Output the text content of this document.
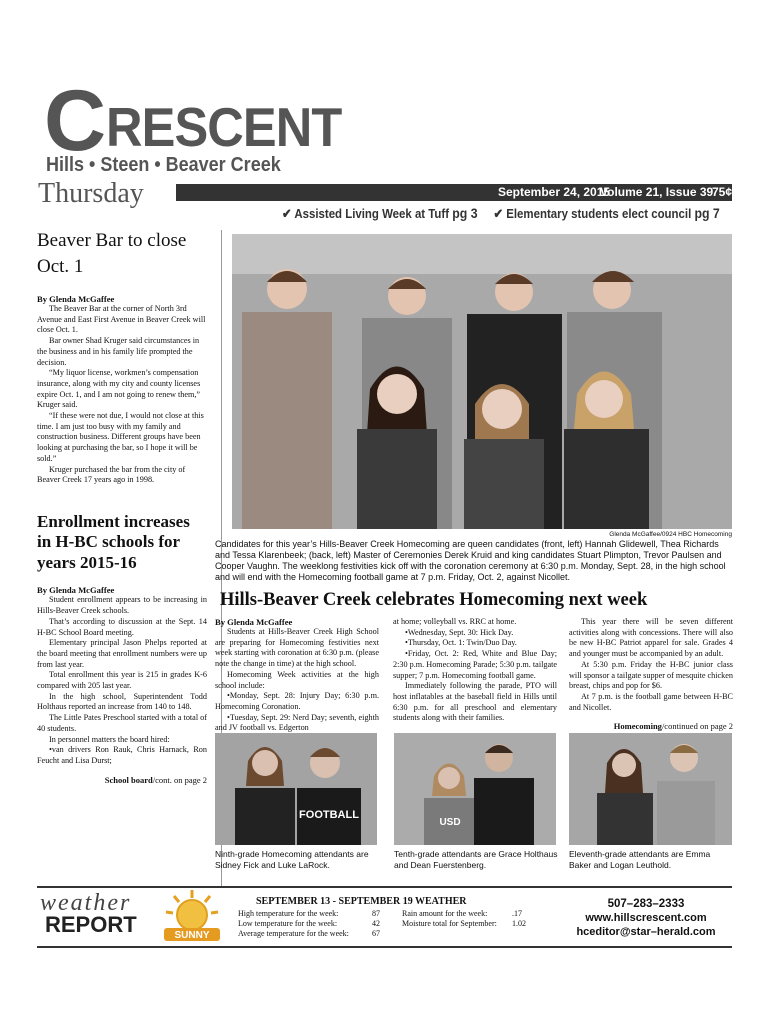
C RESCENT
Hills • Steen • Beaver Creek
Thursday	September 24, 2015
Volume 21, Issue 39
75¢
✔ Assisted Living Week at Tuff pg 3 ✔ Elementary students elect council pg 7
Beaver Bar to close Oct. 1
By Glenda McGaffee

The Beaver Bar at the corner of North 3rd Avenue and East First Avenue in Beaver Creek will close Oct. 1.

Bar owner Shad Kruger said circumstances in the business and in his family life prompted the decision.

“My liquor license, workmen’s compensation insurance, along with my city and county licenses expire Oct. 1, and I am not going to renew them,” Kruger said.

“If these were not due, I would not close at this time. I am just too busy with my family and construction business. Different groups have been looking at purchasing the bar, so I hope it will be sold.”

Kruger purchased the bar from the city of Beaver Creek 17 years ago in 1998.

Enrollment increases in H-BC schools for years 2015-16
By Glenda McGaffee

Student enrollment appears to be increasing in Hills-Beaver Creek schools.

That’s according to discussion at the Sept. 14 H-BC School Board meeting.

Elementary principal Jason Phelps reported at the board meeting that enrollment numbers were up from last year.

Total enrollment this year is 215 in grades K-6 compared with 205 last year.

In the high school, Superintendent Todd Holthaus reported an increase from 140 to 148.

The Little Pates Preschool started with a total of 40 students.

In personnel matters the board hired:

•van drivers Ron Rauk, Chris Harnack, Ron Feucht and Lisa Durst;

School board/cont. on page 2
Glenda McGaffee/0924 HBC Homecoming
Candidates for this year’s Hills-Beaver Creek Homecoming are queen candidates (front, left) Hannah Glidewell, Thea Richards and Tessa Klarenbeek; (back, left) Master of Ceremonies Derek Kruid and king candidates Stuart Plimpton, Trevor Paulsen and Cooper Vaughn. The weeklong festivities kick off with the coronation ceremony at 6:30 p.m. Monday, Sept. 28, in the high school and will end with the Homecoming football game at 7 p.m. Friday, Oct. 2, against Nicollet.
Hills-Beaver Creek celebrates Homecoming next week
By Glenda McGaffee

Students at Hills-Beaver Creek High School are preparing for Homecoming festivities next week starting with coronation at 6:30 p.m. (please note the change in time) at the high school.

Homecoming Week activities at the high school include:

•Monday, Sept. 28: Injury Day; 6:30 p.m. Homecoming Coronation.

•Tuesday, Sept. 29: Nerd Day; seventh, eighth and JV football vs. Edgerton

at home; volleyball vs. RRC at home.

•Wednesday, Sept. 30: Hick Day.

•Thursday, Oct. 1: Twin/Duo Day.

•Friday, Oct. 2: Red, White and Blue Day; 2:30 p.m. Homecoming Parade; 5:30 p.m. tailgate supper; 7 p.m. Homecoming football game.

Immediately following the parade, PTO will host inflatables at the baseball field in Hills until 6:30 p.m. for all preschool and elementary students along with their families.

This year there will be seven different activities along with concessions. There will also be new H-BC Patriot apparel for sale. Grades 4 and younger must be accompanied by an adult.

At 5:30 p.m. Friday the H-BC junior class will sponsor a tailgate supper of mesquite chicken breast, chips and pop for $6.

At 7 p.m. is the football game between H-BC and Nicollet.

Homecoming/continued on page 2
FOOTBALL
USD
Ninth-grade Homecoming attendants are Sidney Fick and Luke LaRock.
Tenth-grade attendants are Grace Holthaus and Dean Fuerstenberg.
Eleventh-grade attendants are Emma Baker and Logan Leuthold.
weather
REPORT	SUNNY
SEPTEMBER 13 - SEPTEMBER 19 WEATHER
High temperature for the week:	87
Low temperature for the week:	42
Average temperature for the week:	67
Rain amount for the week:	.17
Moisture total for September:	1.02
507–283–2333
www.hillscrescent.com
hceditor@star–herald.com
